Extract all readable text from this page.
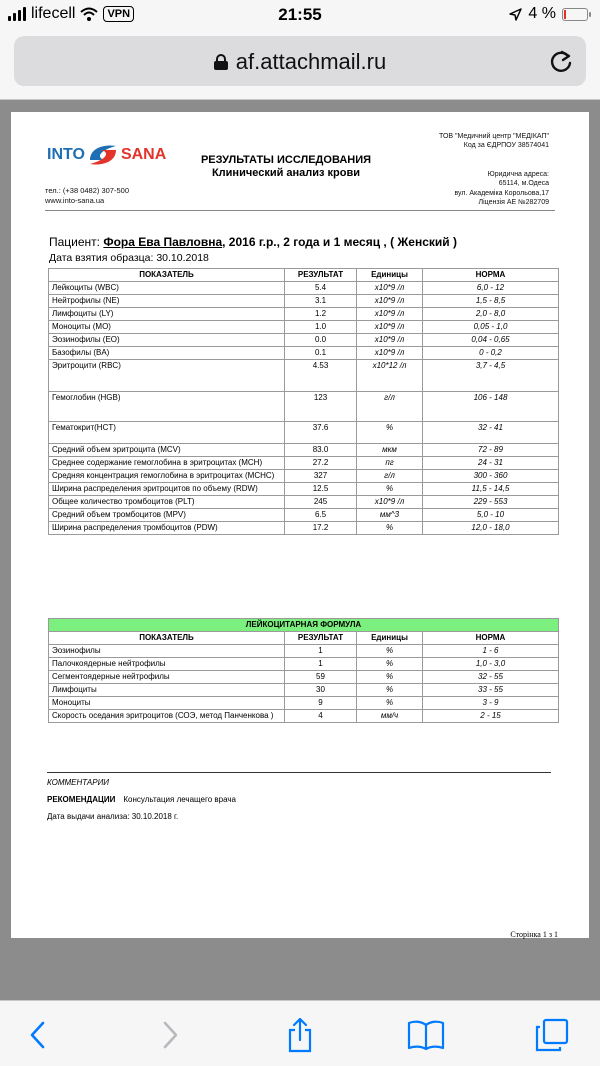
lifecell	VPN	21:55	4 %
af.attachmail.ru
INTO SANA
тел.: (+38 0482) 307-500
www.into-sana.ua
РЕЗУЛЬТАТЫ ИССЛЕДОВАНИЯ
Клинический анализ крови
ТОВ "Медичний центр "МЕДІКАП"
Код за ЄДРПОУ 38574041
Юридична адреса:
65114, м.Одеса
вул. Академіка Корольова,17
Ліцензія АЕ №282709
Пациент: Фора Ева Павловна, 2016 г.р., 2 года и 1 месяц , ( Женский )
Дата взятия образца: 30.10.2018
ПОКАЗАТЕЛЬ	РЕЗУЛЬТАТ	Единицы	НОРМА
Лейкоциты (WBC)	5.4	x10*9 /л	6,0 - 12
Нейтрофилы (NE)	3.1	x10*9 /л	1,5 - 8,5
Лимфоциты (LY)	1.2	x10*9 /л	2,0 - 8,0
Моноциты (MO)	1.0	x10*9 /л	0,05 - 1,0
Эозинофилы (EO)	0.0	x10*9 /л	0,04 - 0,65
Базофилы (BA)	0.1	x10*9 /л	0 - 0,2
Эритроцити (RBC)	4.53	x10*12 /л	3,7 - 4,5
Гемоглобин (HGB)	123	г/л	106 - 148
Гематокрит(HCT)	37.6	%	32 - 41
Средний объем эритроцита (MCV)	83.0	мкм	72 - 89
Среднее содержание гемоглобина в эритроцитах (MCH)	27.2	пг	24 - 31
Средняя концентрация гемоглобина в эритроцитах (MCHC)	327	г/л	300 - 360
Ширина распределения эритроцитов по объему (RDW)	12.5	%	11,5 - 14,5
Общее количество тромбоцитов (PLT)	245	x10*9 /л	229 - 553
Средний объем тромбоцитов (MPV)	6.5	мм^3	5,0 - 10
Ширина распределения тромбоцитов (PDW)	17.2	%	12,0 - 18,0
ЛЕЙКОЦИТАРНАЯ ФОРМУЛА			
ПОКАЗАТЕЛЬ	РЕЗУЛЬТАТ	Единицы	НОРМА
Эозинофилы	1	%	1 - 6
Палочкоядерные нейтрофилы	1	%	1,0 - 3,0
Сегментоядерные нейтрофилы	59	%	32 - 55
Лимфоциты	30	%	33 - 55
Моноциты	9	%	3 - 9
Скорость оседания эритроцитов (СОЭ, метод Панченкова )	4	мм/ч	2 - 15
КОММЕНТАРИИ
РЕКОМЕНДАЦИИ Консультация лечащего врача
Дата выдачи анализа: 30.10.2018 г.
Сторінка 1 з 1
